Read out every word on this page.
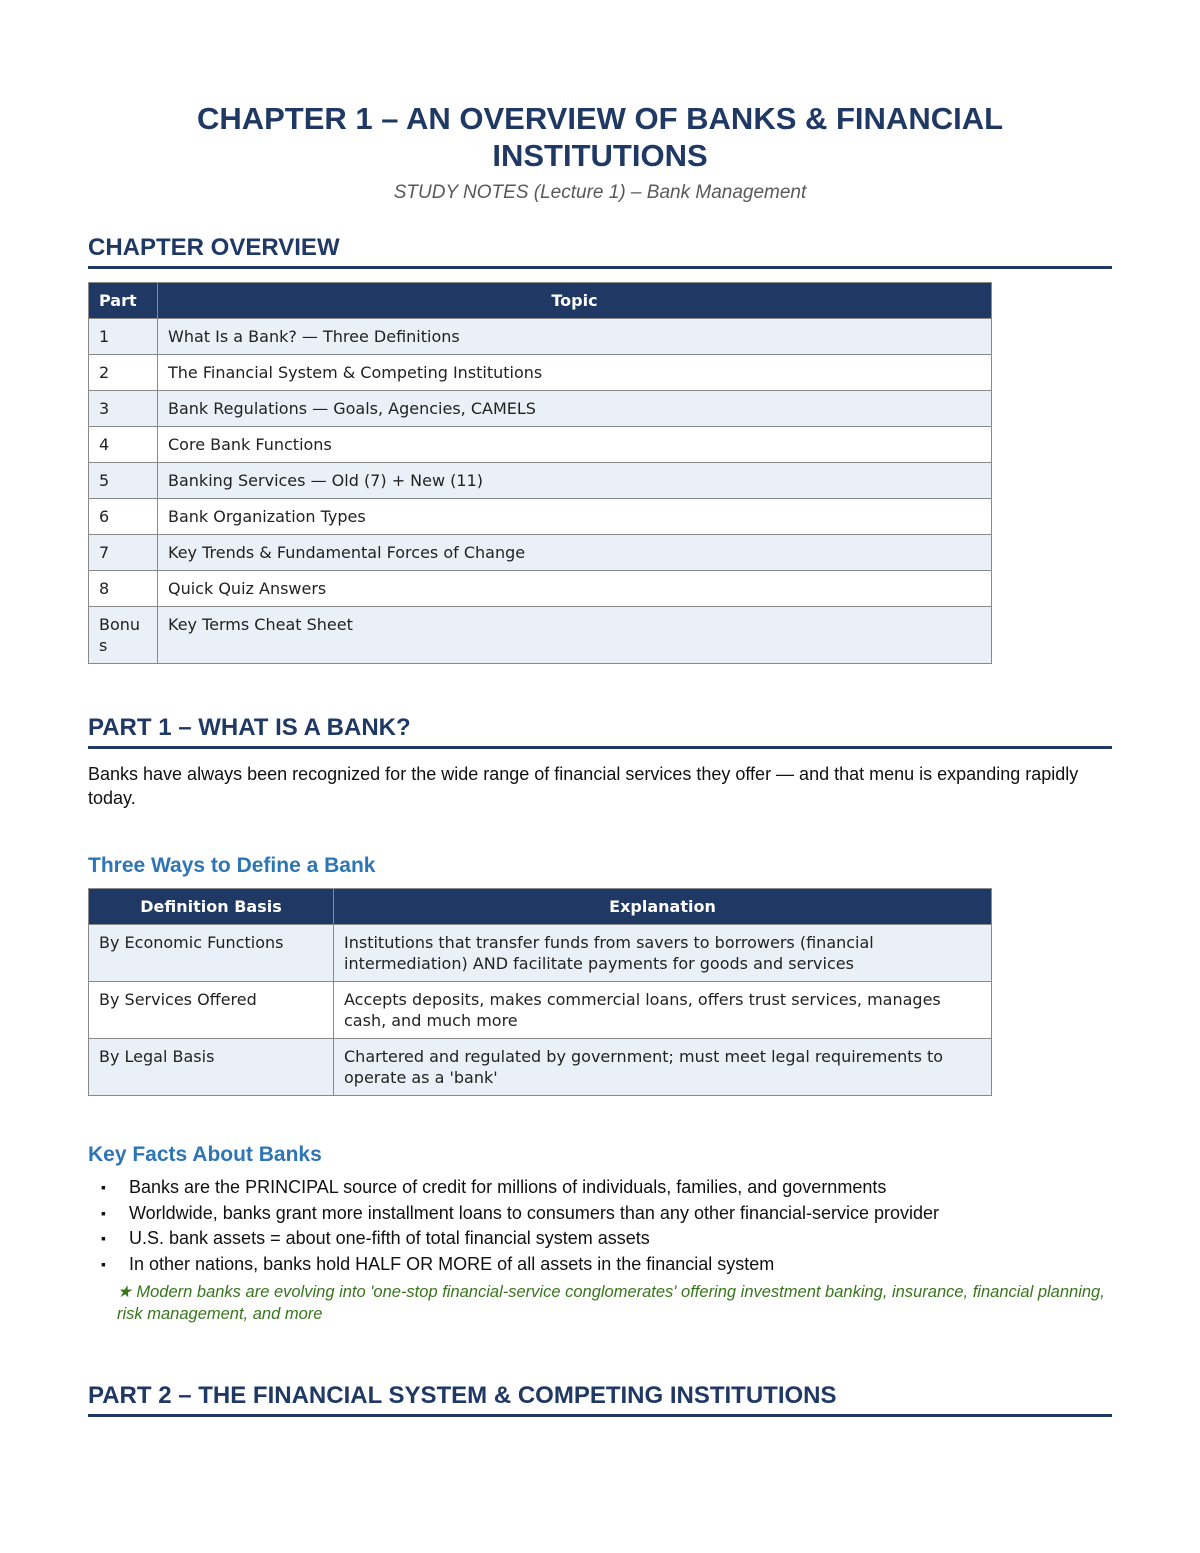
CHAPTER 1 – AN OVERVIEW OF BANKS & FINANCIAL
INSTITUTIONS

STUDY NOTES (Lecture 1) – Bank Management

CHAPTER OVERVIEW
Part	Topic
1	What Is a Bank? — Three Definitions
2	The Financial System & Competing Institutions
3	Bank Regulations — Goals, Agencies, CAMELS
4	Core Bank Functions
5	Banking Services — Old (7) + New (11)
6	Bank Organization Types
7	Key Trends & Fundamental Forces of Change
8	Quick Quiz Answers
Bonus	Key Terms Cheat Sheet
PART 1 – WHAT IS A BANK?

Banks have always been recognized for the wide range of financial services they offer — and that menu is expanding rapidly today.

Three Ways to Define a Bank
Definition Basis	Explanation
By Economic Functions	Institutions that transfer funds from savers to borrowers (financial intermediation) AND facilitate payments for goods and services
By Services Offered	Accepts deposits, makes commercial loans, offers trust services, manages cash, and much more
By Legal Basis	Chartered and regulated by government; must meet legal requirements to operate as a 'bank'
Key Facts About Banks
▪ Banks are the PRINCIPAL source of credit for millions of individuals, families, and governments
▪ Worldwide, banks grant more installment loans to consumers than any other financial-service provider
▪ U.S. bank assets = about one-fifth of total financial system assets
▪ In other nations, banks hold HALF OR MORE of all assets in the financial system

★ Modern banks are evolving into 'one-stop financial-service conglomerates' offering investment banking, insurance, financial planning, risk management, and more

PART 2 – THE FINANCIAL SYSTEM & COMPETING INSTITUTIONS
